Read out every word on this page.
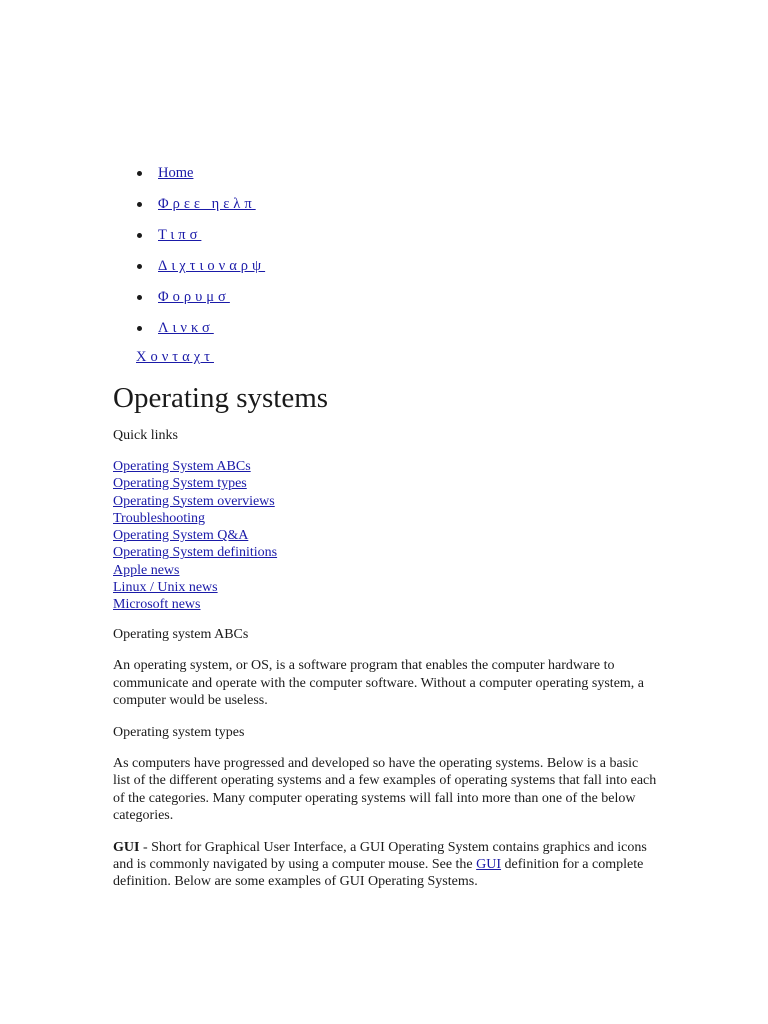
Home
Φρεε ηελπ
Τιπσ
Διχτιοναρψ
Φορυμσ
Λινκσ
Χονταχτ
Operating systems
Quick links
Operating System ABCs
Operating System types
Operating System overviews
Troubleshooting
Operating System Q&A
Operating System definitions
Apple news
Linux / Unix news
Microsoft news

Operating system ABCs

An operating system, or OS, is a software program that enables the computer hardware to communicate and operate with the computer software. Without a computer operating system, a computer would be useless.

Operating system types

As computers have progressed and developed so have the operating systems. Below is a basic list of the different operating systems and a few examples of operating systems that fall into each of the categories. Many computer operating systems will fall into more than one of the below categories.

GUI - Short for Graphical User Interface, a GUI Operating System contains graphics and icons and is commonly navigated by using a computer mouse. See the GUI definition for a complete definition. Below are some examples of GUI Operating Systems.
